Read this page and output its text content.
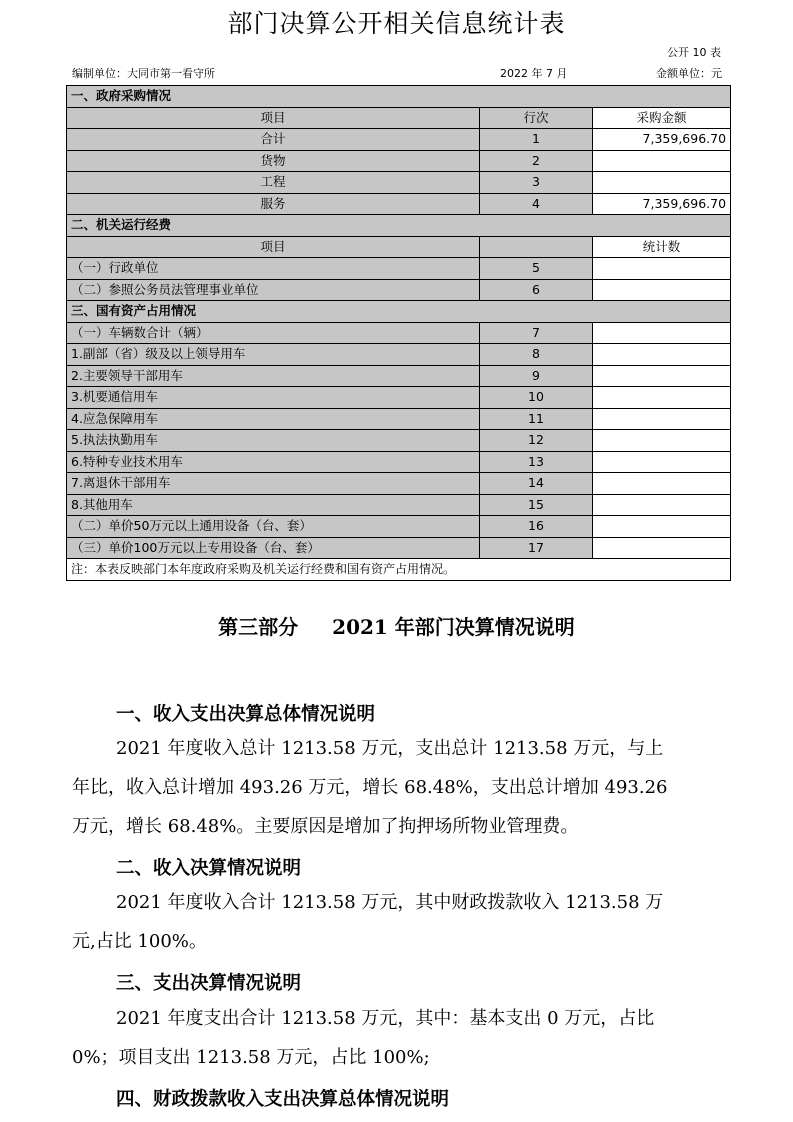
部门决算公开相关信息统计表
公开 10 表
编制单位：大同市第一看守所	2022 年 7 月	金额单位：元
一、政府采购情况		
项目	行次	采购金额
合计	1	7,359,696.70
货物	2	
工程	3	
服务	4	7,359,696.70
二、机关运行经费		
项目		统计数
（一）行政单位	5	
（二）参照公务员法管理事业单位	6	
三、国有资产占用情况		
（一）车辆数合计（辆）	7	
1.副部（省）级及以上领导用车	8	
2.主要领导干部用车	9	
3.机要通信用车	10	
4.应急保障用车	11	
5.执法执勤用车	12	
6.特种专业技术用车	13	
7.离退休干部用车	14	
8.其他用车	15	
（二）单价50万元以上通用设备（台、套）	16	
（三）单价100万元以上专用设备（台、套）	17	
注：本表反映部门本年度政府采购及机关运行经费和国有资产占用情况。		
第三部分 2021 年部门决算情况说明
一、收入支出决算总体情况说明
2021 年度收入总计 1213.58 万元，支出总计 1213.58 万元，与上
年比，收入总计增加 493.26 万元，增长 68.48%，支出总计增加 493.26
万元，增长 68.48%。主要原因是增加了拘押场所物业管理费。
二、收入决算情况说明
2021 年度收入合计 1213.58 万元，其中财政拨款收入 1213.58 万
元,占比 100%。
三、支出决算情况说明
2021 年度支出合计 1213.58 万元，其中：基本支出 0 万元，占比
0%；项目支出 1213.58 万元，占比 100%;
四、财政拨款收入支出决算总体情况说明
